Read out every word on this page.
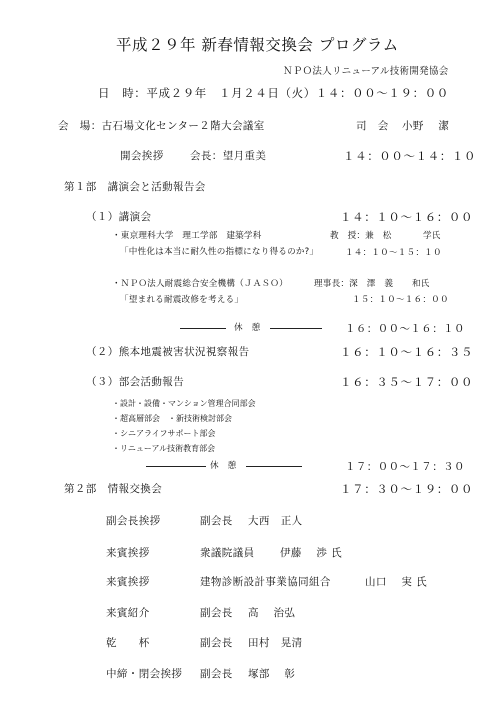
平成２９年 新春情報交換会 プログラム
ＮＰＯ法人リニューアル技術開発協会
日　時：平成２９年　１月２４日（火）１４：００～１９：００
会　場：古石場文化センター２階大会議室	司　会 小野　 潔
開会挨拶	会長：望月重美	１４：００～１４：１０
第１部　講演会と活動報告会
（１）講演会	１４：１０～１６：００
・東京理科大学　理工学部　建築学科	教　授：兼　松	学氏
「中性化は本当に耐久性の指標になり得るのか?」	１４：１０～１５：１０
・ＮＰＯ法人耐震総合安全機構（ＪＡＳＯ）	理事長：深　澤　義 和氏
「望まれる耐震改修を考える」	１５：１０～１６：００
休　憩	１６：００～１６：１０
（２）熊本地震被害状況視察報告	１６：１０～１６：３５
（３）部会活動報告	１６：３５～１７：００
・設計・設備・マンション管理合同部会
・超高層部会　・新技術検討部会
・シニアライフサポート部会
・リニューアル技術教育部会
休　憩	１７：００～１７：３０
第２部　情報交換会	１７：３０～１９：００
副会長挨拶	副会長 大西　正人
来賓挨拶	衆議院議員 伊藤　 渉 氏
来賓挨拶	建物診断設計事業協同組合	山口　 実 氏
来賓紹介	副会長 高　 治弘
乾　　杯	副会長 田村　晃清
中締・閉会挨拶 副会長 塚部　 彰
